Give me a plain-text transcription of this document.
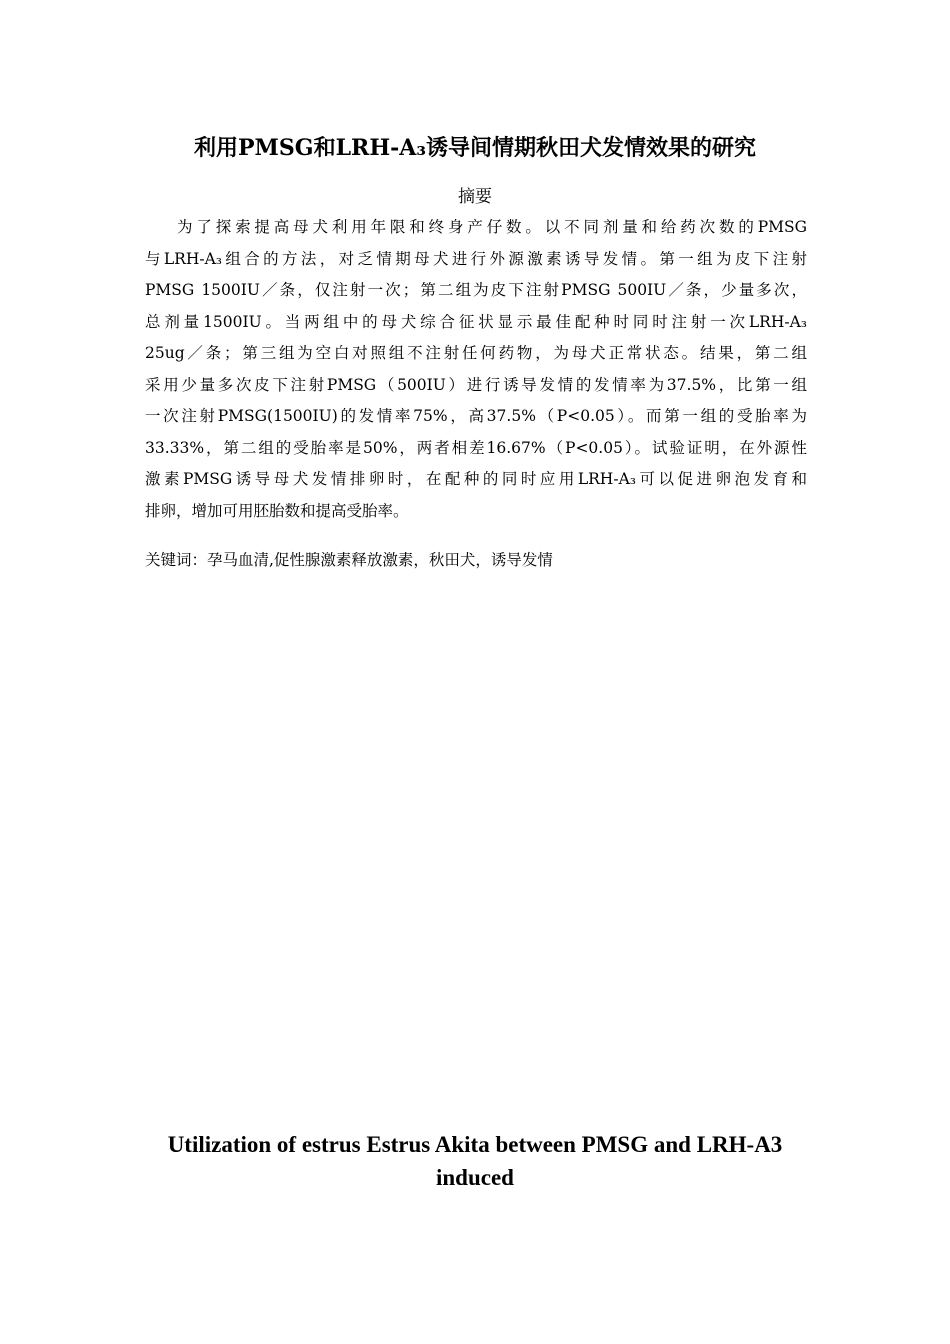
利用PMSG和LRH-A₃诱导间情期秋田犬发情效果的研究
摘要
为了探索提高母犬利用年限和终身产仔数。以不同剂量和给药次数的PMSG
与LRH-A₃组合的方法，对乏情期母犬进行外源激素诱导发情。第一组为皮下注射
PMSG 1500IU／条，仅注射一次；第二组为皮下注射PMSG 500IU／条，少量多次，
总剂量1500IU。当两组中的母犬综合征状显示最佳配种时同时注射一次LRH-A₃
25ug／条；第三组为空白对照组不注射任何药物，为母犬正常状态。结果，第二组
采用少量多次皮下注射PMSG（500IU）进行诱导发情的发情率为37.5%，比第一组
一次注射PMSG(1500IU)的发情率75%，高37.5%（P<0.05）。而第一组的受胎率为
33.33%，第二组的受胎率是50%，两者相差16.67%（P<0.05）。试验证明，在外源性
激素PMSG诱导母犬发情排卵时，在配种的同时应用LRH-A₃可以促进卵泡发育和
排卵，增加可用胚胎数和提高受胎率。
关键词：孕马血清,促性腺激素释放激素，秋田犬，诱导发情
Utilization of estrus Estrus Akita between PMSG and LRH-A3
induced
